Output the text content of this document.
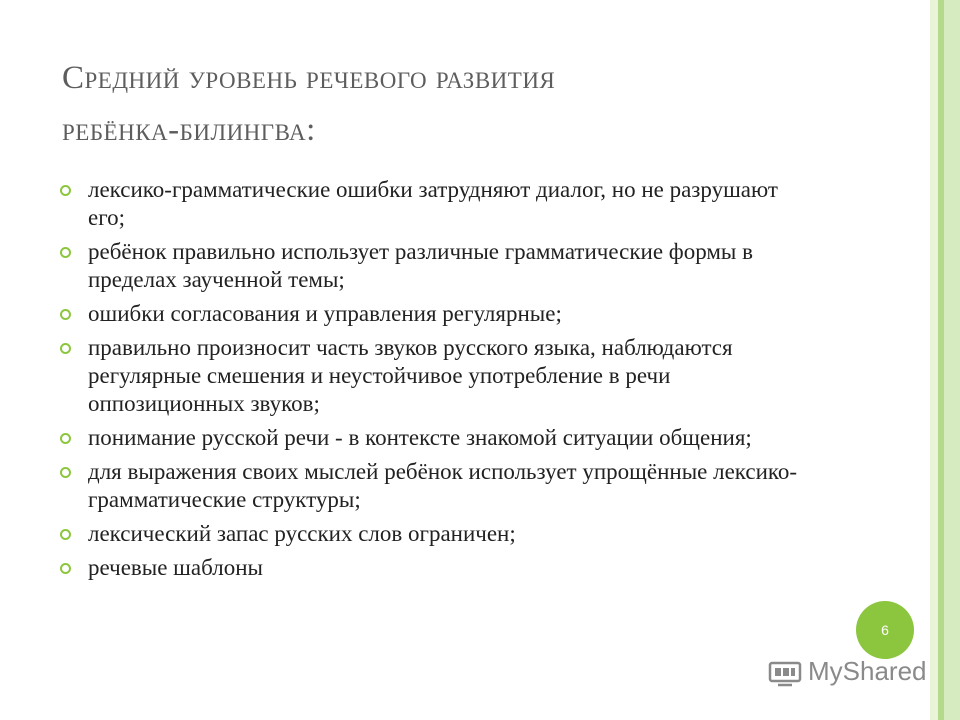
Средний уровень речевого развития
ребёнка-билингва:
лексико-грамматические ошибки затрудняют диалог, но не разрушают его;
ребёнок правильно использует различные грамматические формы в пределах заученной темы;
ошибки согласования и управления регулярные;
правильно произносит часть звуков русского языка, наблюдаются регулярные смешения и неустойчивое употребление в речи оппозиционных звуков;
понимание русской речи - в контексте знакомой ситуации общения;
для выражения своих мыслей ребёнок использует упрощённые лексико-грамматические структуры;
лексический запас русских слов ограничен;
речевые шаблоны
6
MyShared
